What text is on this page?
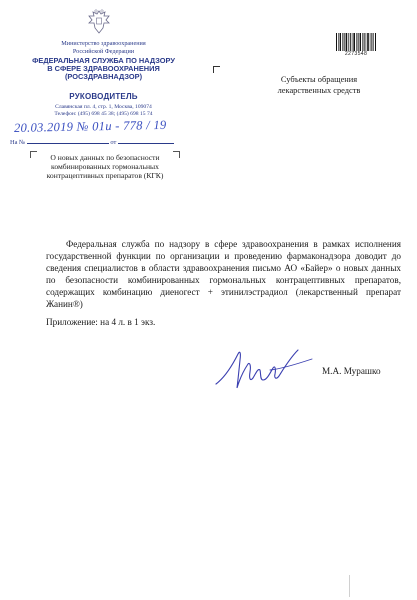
Министерство здравоохранения
Российской Федерации
ФЕДЕРАЛЬНАЯ СЛУЖБА ПО НАДЗОРУ
В СФЕРЕ ЗДРАВООХРАНЕНИЯ
(РОСЗДРАВНАДЗОР)
РУКОВОДИТЕЛЬ
Славянская пл. 4, стр. 1, Москва, 109074
Телефон: (495) 698 45 38; (495) 698 15 74
20.03.2019 № 01и - 778 / 19
На №	от
О новых данных по безопасности
комбинированных гормональных
контрацептивных препаратов (КГК)
2273548
Субъекты обращения
лекарственных средств
Федеральная служба по надзору в сфере здравоохранения в рамках исполнения государственной функции по организации и проведению фармаконадзора доводит до сведения специалистов в области здравоохранения письмо АО «Байер» о новых данных по безопасности комбинированных гормональных контрацептивных препаратов, содержащих комбинацию диеногест + этинилэстрадиол (лекарственный препарат Жанин®)
Приложение: на 4 л. в 1 экз.
М.А. Мурашко
